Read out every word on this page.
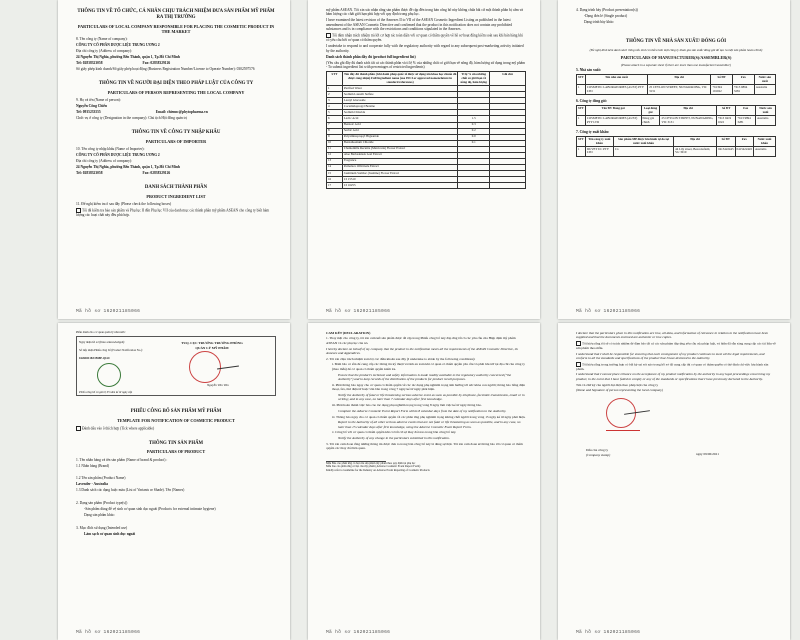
THÔNG TIN VỀ TỔ CHỨC, CÁ NHÂN CHỊU TRÁCH NHIỆM ĐƯA SẢN PHẨM MỸ PHẨM RA THỊ TRƯỜNG
PARTICULARS OF LOCAL COMPANY RESPONSIBLE FOR PLACING THE COSMETIC PRODUCT IN THE MARKET
8. Tên công ty (Name of company):
CÔNG TY CỔ PHẦN DƯỢC LIỆU TRUNG ƯƠNG 2
Địa chỉ công ty (Address of company):
24 Nguyễn Thị Nghĩa, phường Bến Thành, quận 1, Tp.Hồ Chí Minh
Tel: 02838323058	Fax: 02838329126
Số giấy phép kinh doanh/Số giấy phép hoạt động (Business Registration Number/License to Operate Number): 0302597576
THÔNG TIN VỀ NGƯỜI ĐẠI DIỆN THEO PHÁP LUẬT CỦA CÔNG TY
PARTICULARS OF PERSON REPRESENTING THE LOCAL COMPANY
9. Họ và tên (Name of person):
Nguyễn Công Chiến
Tel: 0935233555	Email: chiennc@phytopharma.vn
Chức vụ ở công ty (Designation in the company): Chủ tịch Hội đồng quản trị
THÔNG TIN VỀ CÔNG TY NHẬP KHẨU
PARTICULARS OF IMPORTER
10. Tên công ty nhập khẩu (Name of Importer):
CÔNG TY CỔ PHẦN DƯỢC LIỆU TRUNG ƯƠNG 2
Địa chỉ công ty (Address of company):
24 Nguyễn Thị Nghĩa, phường Bến Thành, quận 1, Tp.Hồ Chí Minh
Tel: 02838323058	Fax: 02838329126
DANH SÁCH THÀNH PHẦN
PRODUCT INGREDIENT LIST
11. Để nghị kiểm tra ô sau đây (Please check the following boxes)
Tôi đã kiểm tra bảo sản phẩm và Phụ lục II đến Phụ lục VII của danh mục các thành phần mỹ phẩm ASEAN cho công ty biết hàm lượng các hoạt chất này đều phù hợp.
Mã hồ sơ 162021185066
mỹ phẩm ASEAN. Tôi xin xác nhận rằng sản phẩm được đề cập đến trong bản công bố này không chứa bất cứ một thành phần bị cấm và hàm lượng các chất giới hạn phù hợp với quy định trong phụ lục.
I have examined the latest revision of the Annexes II to VII of the ASEAN Cosmetic Ingredient Listing as published in the latest amendment of the ASEAN Cosmetic Directive and confirmed that the product in this notification does not contain any prohibited substances and is in compliance with the restrictions and conditions stipulated in the Annexes.
Tôi đảm nhận trách nhiệm trả lời cơ hợp tác toàn diện với cơ quan có thẩm quyền về hồ sơ hoạt động kiểm soát sau khi bán hàng khi có yêu cầu bởi cơ quan có thẩm quyền.
I undertake to respond to and cooperate fully with the regulatory authority with regard to any subsequent post-marketing activity initiated by the authority.
Danh sách thành phần đầy đủ (product full ingredient list)
(Yêu cầu ghi đầy đủ danh sách tất cả các thành phần và tỉ lệ % của những chất có giới hạn về nồng độ, hàm lượng sử dụng trong mỹ phẩm - To submit ingredient list with percentages of restricted ingredients)
STT	Tên đầy đủ thành phần (Ghi danh pháp quốc tế được sử dụng tên khoa học chuẩn đã được công nhận) Full Ingredient name (use INCI or approved nomenclature in standard references)	Tỉ lệ % của những chất có giới hạn về nồng độ, hàm lượng	Ghi chú
1	Purified Water		
2	Sodium Laureth Sulfate		
3	Lauryl Glucoside		
4	Cocamidopropyl Betaine		
5	Sodium Chloride		
6	Lactic Acid	1.5	
7	Benzoic Acid	0.3	
8	Sorbic Acid	0.2	
9	Polyaminopropyl Biguanide	0.0	
10	Benzalkonium Chloride	0.1	
11	Chamomilla Recutita (Matricaria) Flower Extract		
12	Aloe Barbadensis Leaf Extract		
13	Fragrance		
14	Pomelaca Officinale Extract		
15	Jasminum Sambac (Jasmine) Flower Extract		
16	CI 15510		
17	CI 16255		
Mã hồ sơ 162021185066
4. Dạng trình bày (Product presentation(s))
-Dạng đơn lẻ (Single product)
Dạng trình bày khác:
THÔNG TIN VỀ NHÀ SẢN XUẤT/ ĐÓNG GÓI
(Đề nghị đính kèm danh sách riêng nếu như có nhiều hơn một công ty tham gia sản xuất/ đóng gói để tạo ra một sản phẩm hoàn chỉnh)
PARTICULARS OF MANUFACTURER(S)/ASSEMBLER(S)
(Please attach in a separate sheet if there are more than one manufacturer/assembler)
5. Nhà sản xuất:
STT	Tên nhà sản xuất	Địa chỉ	Số ĐT	Fax	Nước sản xuất
1	COSMETIC LABORATORIES (AUST) PTY LTD	25 CEYLON STREET, NUNAWADING, VIC 3131	+61394 191022	+613 9894 3281	Australia
6. Công ty đóng gói:
STT	Tên ĐV Đóng gói	Loại đóng gói	Địa chỉ	Số ĐT	Fax	Nước sản xuất
1	COSMETIC LABORATORIES (AUST) PTY LTD	Đóng gói chính	25 CEYLON STREET, NUNAWADING, VIC 3131	+613 9419 1022	+613 9894 3281	Australia
7. Công ty xuất khẩu:
STT	Tên công ty xuất khẩu	Sản phẩm MP được lưu hành tự do tại nước xuất khẩu	Địa chỉ	Số ĐT	Fax	Nước xuất khẩu
1	DUVET UC PTY LTD	Có	44 Lily street, Beaconsfield, Vic 3019	0415422445	0415422445	Australia
Mã hồ sơ 162021185066
Phần dành cho cơ quan quản lý nhà nước
Ngày nhận hồ sơ (Date acknowledged):
Số tiếp nhận Phiếu công bố (Product Notification No.):
162602118/CBMP-QLD
TUQ. CỤC TRƯỞNG TRƯỞNG PHÒNG QUẢN LÝ MỸ PHẨM
Nguyễn Văn Vân
Phiếu công bố có giá trị 05 năm kể từ ngày cấp
PHIẾU CÔNG BỐ SẢN PHẨM MỸ PHẨM
TEMPLATE FOR NOTIFICATION OF COSMETIC PRODUCT
Đánh dấu vào ô thích hợp (Tick where applicable)
THÔNG TIN SẢN PHẨM
PARTICULARS OF PRODUCT
1. Tên nhãn hàng và tên sản phẩm (Name of brand & product) :
1.1 Nhãn hàng (Brand)
1.2 Tên sản phẩm (Product Name)
Lavender - Australia
1.3 Danh sách các dạng hoặc màu (List of Variants or Shade). Tên (Names)
2. Dạng sản phẩm (Product type(s))
-Sản phẩm dùng để vệ sinh cơ quan sinh dục ngoài (Products for external intimate hygiene)
Dạng sản phẩm khác:
3. Mục đích sử dụng (Intended use)
Làm sạch cơ quan sinh dục ngoài
Mã hồ sơ 162021185066
CAM KẾT (DECLARATION)
1. Thay mặt cho công ty, tôi xin cam kết sản phẩm được đề cập trong Phiếu công bố này đáp ứng tất cả các yêu cầu của Hiệp định mỹ phẩm ASEAN và các phụ lục của nó.
I hereby declare on behalf of my company that the product in the notification meets all the requirements of the ASEAN Cosmetic Directive, its Annexes and Appendices.
2. Tôi xin chịu trách nhiệm toàn bộ các điều khoản sau đây (I undertake to abide by the following conditions):
i. Đảm bảo có sẵn để cung cấp các thông tin kỹ thuật và tính an toàn khi cơ quan có thẩm quyền yêu cầu và phải lưu trữ tại địa chỉ của công ty (theo mẫu) để cơ quan có thẩm quyền kiểm tra.
Ensure that the product's technical and safety information is made readily available to the regulatory authority concerned ("the Authority") and to keep records of the distribution of the products for product recall purposes.
ii. Phải thông báo ngay cho cơ quan có thẩm quyền về các tác dụng phụ nghiêm trọng ảnh hưởng tới sức khỏe con người; thông báo bằng điện thoại, fax, thư điện tử hoặc văn bản trong vòng 7 ngày kể từ ngày phát hiện.
Notify the Authority of fatal or life threatening serious adverse event as soon as possible by telephone, facsimile transmission, email or in writing; and in any case, no later than 7 calendar days after first knowledge.
iii. Phải hoàn thành việc báo cáo tác dụng phụ nghiêm trọng trong vòng 8 ngày làm việc kể từ ngày thông báo.
Complete the Adverse Cosmetic Event Report Form within 8 calendar days from the date of my notification to the Authority.
iv. Thông báo ngay cho cơ quan có thẩm quyền về các phản ứng phụ nghiêm trọng không chết người trong vòng 15 ngày kể từ ngày phát hiện.
Report to the Authority of all other serious adverse events that are not fatal or life threatening as soon as possible, and in any case, no later than 15 calendar days after first knowledge, using the Adverse Cosmetic Event Report Form.
v. Công bố với cơ quan có thẩm quyền khi có bất cứ sự thay đổi nào trong bản công bố này.
Notify the Authority of any change in the particulars submitted in this notification.
3. Tôi xin cam đoan rằng những thông tin được đưa ra trong bản công bố này là đúng sự thật. Tôi xin cam đoan sẽ thông báo tới cơ quan có thẩm quyền các thay đổi liên quan.
Mẫu Báo cáo phản ứng có hại của sản phẩm mỹ phẩm theo quy định tại phụ lục
Mẫu báo cáo phản ứng có hại của mỹ phẩm (Adverse Cosmetic Event Report Form)
Kindly refer to Guideline for the Industry on Adverse Event Reporting of Cosmetic Products
Mã hồ sơ 162021185066
I declare that the particulars given in this notification are true, all data, and information of relevance in relation to the notification have been supplied and that the documents enclosed are authentic or true copies.
Tôi hiểu rằng tôi sẽ có trách nhiệm để đảm bảo tất cả các sản phẩm đáp ứng yêu cầu của pháp luật, và hiện đã sẵn sàng cung cấp các tài liệu về sản phẩm theo mẫu.
I understand that I shall be responsible for ensuring that each consignment of my product continues to meet all the legal requirements, and conform to all the standards and specifications of the product that I have declared to the Authority.
Tôi hiểu rằng trong trường hợp có bất kỳ sai sót nào trong hồ sơ đã cung cấp thì cơ quan có thẩm quyền có thể đình chỉ việc lưu hành sản phẩm.
I understand that I cannot place reliance on the acceptance of my product notification by the authority in any legal proceedings concerning my product, in the event that I have failed to comply or any of the standards or specifications that I have previously declared to the Authority.
Tên và chữ ký của người đại diện theo pháp luật của công ty
(Name and Signature of person representing the local company)
Dấu của công ty
(Company stamp)	ngày 09/06/2021
Mã hồ sơ 162021185066
